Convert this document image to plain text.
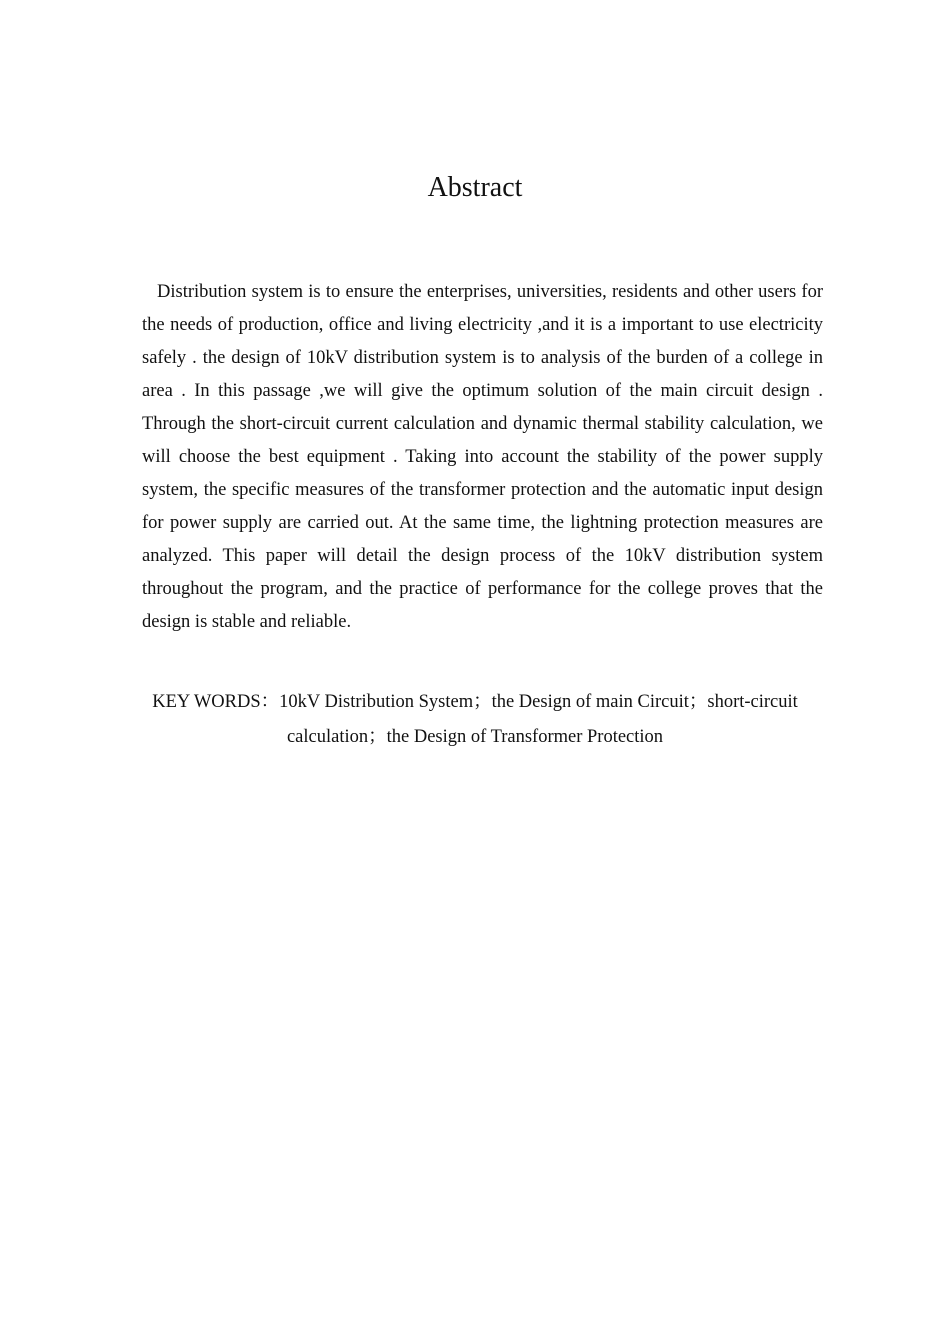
Abstract

Distribution system is to ensure the enterprises, universities, residents and other users for the needs of production, office and living electricity ,and it is a important to use electricity safely . the design of 10kV distribution system is to analysis of the burden of a college in area . In this passage ,we will give the optimum solution of the main circuit design . Through the short-circuit current calculation and dynamic thermal stability calculation, we will choose the best equipment . Taking into account the stability of the power supply system, the specific measures of the transformer protection and the automatic input design for power supply are carried out. At the same time, the lightning protection measures are analyzed. This paper will detail the design process of the 10kV distribution system throughout the program, and the practice of performance for the college proves that the design is stable and reliable.

KEY WORDS：10kV Distribution System；the Design of main Circuit；short-circuit calculation；the Design of Transformer Protection
